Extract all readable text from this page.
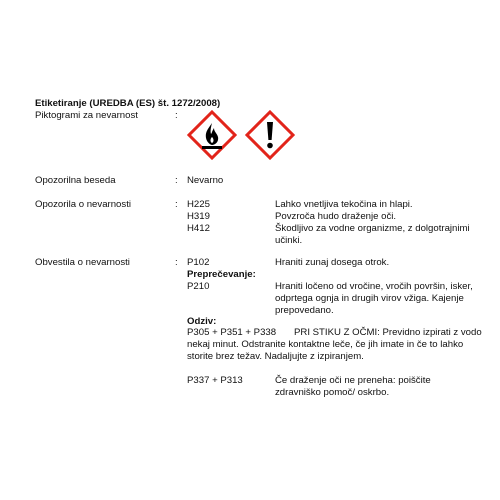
Etiketiranje (UREDBA (ES) št. 1272/2008)
Piktogrami za nevarnost	:
Opozorilna beseda	: Nevarno
Opozorila o nevarnosti	: H225	Lahko vnetljiva tekočina in hlapi.
H319	Povzroča hudo draženje oči.
H412	Škodljivo za vodne organizme, z dolgotrajnimi učinki.
Obvestila o nevarnosti	: P102	Hraniti zunaj dosega otrok.
Preprečevanje:
P210	Hraniti ločeno od vročine, vročih površin, isker, odprtega ognja in drugih virov vžiga. Kajenje prepovedano.
Odziv:
P305 + P351 + P338	PRI STIKU Z OČMI: Previdno izpirati z vodo nekaj minut. Odstranite kontaktne leče, če jih imate in če to lahko storite brez težav. Nadaljujte z izpiranjem.
P337 + P313	Če draženje oči ne preneha: poiščite zdravniško pomoč/ oskrbo.
